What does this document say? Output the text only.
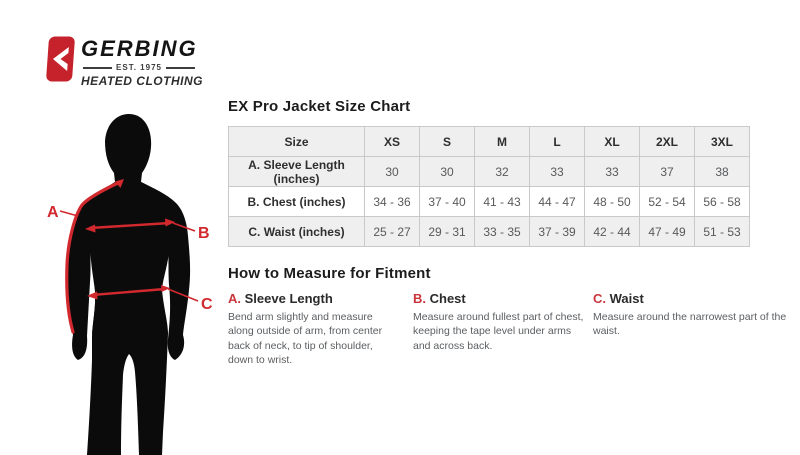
GERBING
EST. 1975
HEATED CLOTHING
A
B
C
EX Pro Jacket Size Chart
Size	XS	S	M	L	XL	2XL	3XL
A. Sleeve Length (inches)	30	30	32	33	33	37	38
B. Chest (inches)	34 - 36	37 - 40	41 - 43	44 - 47	48 - 50	52 - 54	56 - 58
C. Waist (inches)	25 - 27	29 - 31	33 - 35	37 - 39	42 - 44	47 - 49	51 - 53
How to Measure for Fitment
A. Sleeve Length
Bend arm slightly and measure along outside of arm, from center back of neck, to tip of shoulder, down to wrist.
B. Chest
Measure around fullest part of chest, keeping the tape level under arms and across back.
C. Waist
Measure around the narrowest part of the waist.
